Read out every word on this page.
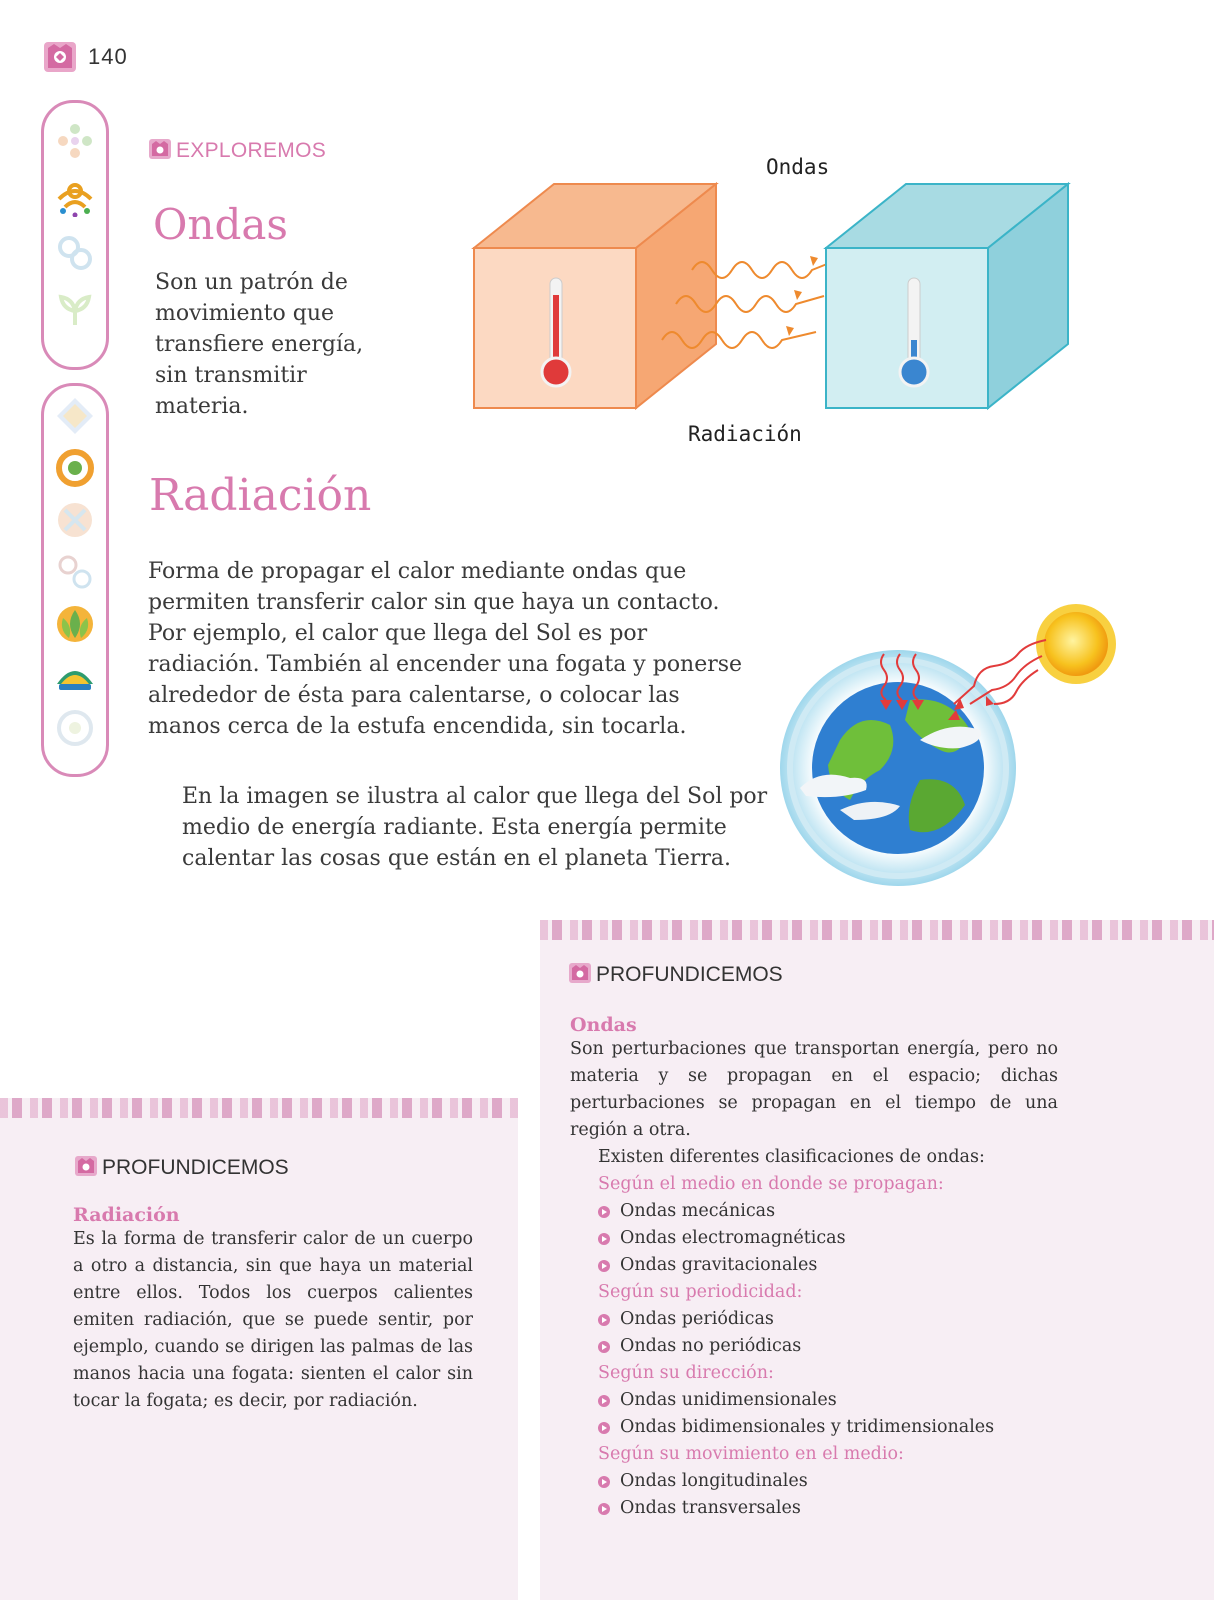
140
EXPLOREMOS
Ondas

Son un patrón de movimiento que transfiere energía, sin transmitir materia.

Ondas
Radiación
Radiación

Forma de propagar el calor mediante ondas que permiten transferir calor sin que haya un contacto. Por ejemplo, el calor que llega del Sol es por radiación. También al encender una fogata y ponerse alrededor de ésta para calentarse, o colocar las manos cerca de la estufa encendida, sin tocarla.

En la imagen se ilustra al calor que llega del Sol por medio de energía radiante. Esta energía permite calentar las cosas que están en el planeta Tierra.

PROFUNDICEMOS

Ondas

Son perturbaciones que transportan energía, pero no materia y se propagan en el espacio; dichas perturbaciones se propagan en el tiempo de una región a otra.

Existen diferentes clasificaciones de ondas:

Según el medio en donde se propagan:

Ondas mecánicas
Ondas electromagnéticas
Ondas gravitacionales

Según su periodicidad:

Ondas periódicas
Ondas no periódicas

Según su dirección:

Ondas unidimensionales
Ondas bidimensionales y tridimensionales

Según su movimiento en el medio:

Ondas longitudinales
Ondas transversales
PROFUNDICEMOS

Radiación

Es la forma de transferir calor de un cuerpo a otro a distancia, sin que haya un material entre ellos. Todos los cuerpos calientes emiten radiación, que se puede sentir, por ejemplo, cuando se dirigen las palmas de las manos hacia una fogata: sienten el calor sin tocar la fogata; es decir, por radiación.
